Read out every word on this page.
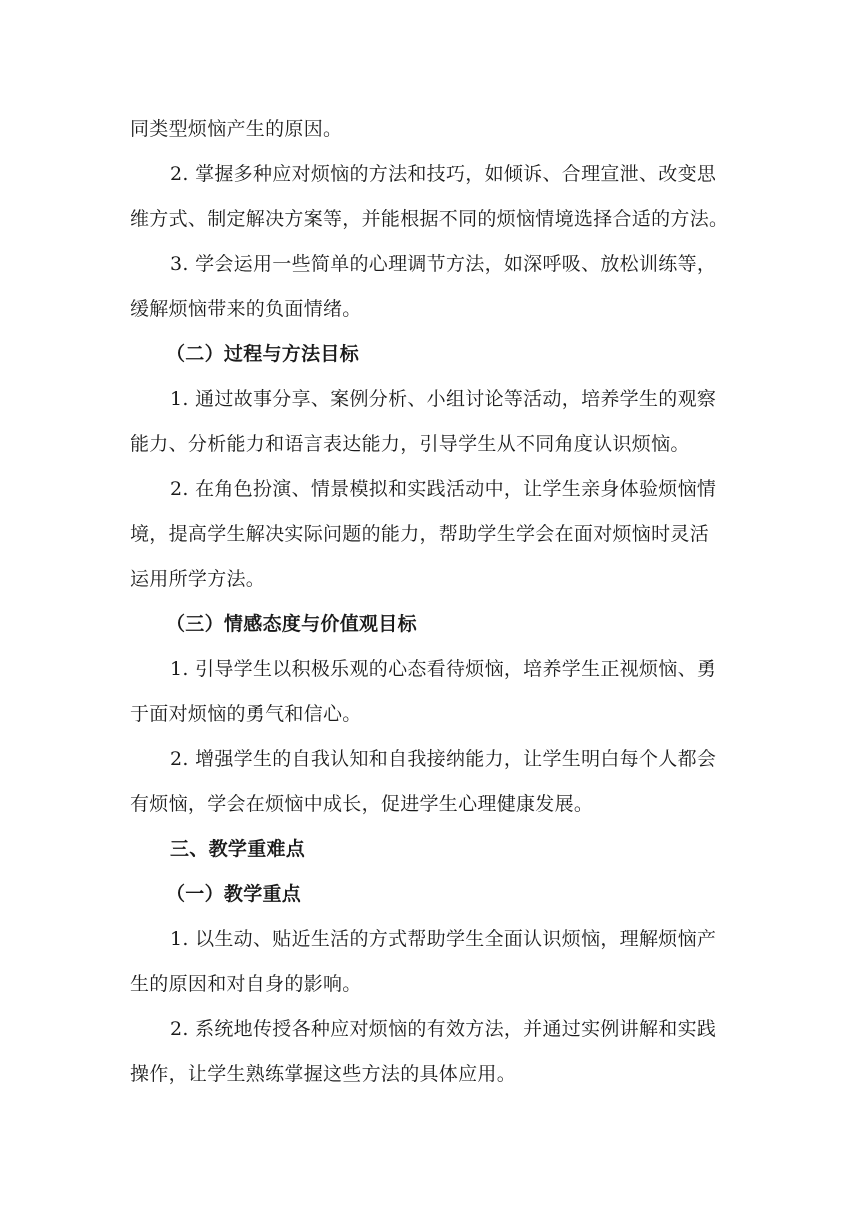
同类型烦恼产生的原因。
2. 掌握多种应对烦恼的方法和技巧，如倾诉、合理宣泄、改变思
维方式、制定解决方案等，并能根据不同的烦恼情境选择合适的方法。
3. 学会运用一些简单的心理调节方法，如深呼吸、放松训练等，
缓解烦恼带来的负面情绪。
（二）过程与方法目标
1. 通过故事分享、案例分析、小组讨论等活动，培养学生的观察
能力、分析能力和语言表达能力，引导学生从不同角度认识烦恼。
2. 在角色扮演、情景模拟和实践活动中，让学生亲身体验烦恼情
境，提高学生解决实际问题的能力，帮助学生学会在面对烦恼时灵活
运用所学方法。
（三）情感态度与价值观目标
1. 引导学生以积极乐观的心态看待烦恼，培养学生正视烦恼、勇
于面对烦恼的勇气和信心。
2. 增强学生的自我认知和自我接纳能力，让学生明白每个人都会
有烦恼，学会在烦恼中成长，促进学生心理健康发展。
三、教学重难点
（一）教学重点
1. 以生动、贴近生活的方式帮助学生全面认识烦恼，理解烦恼产
生的原因和对自身的影响。
2. 系统地传授各种应对烦恼的有效方法，并通过实例讲解和实践
操作，让学生熟练掌握这些方法的具体应用。
